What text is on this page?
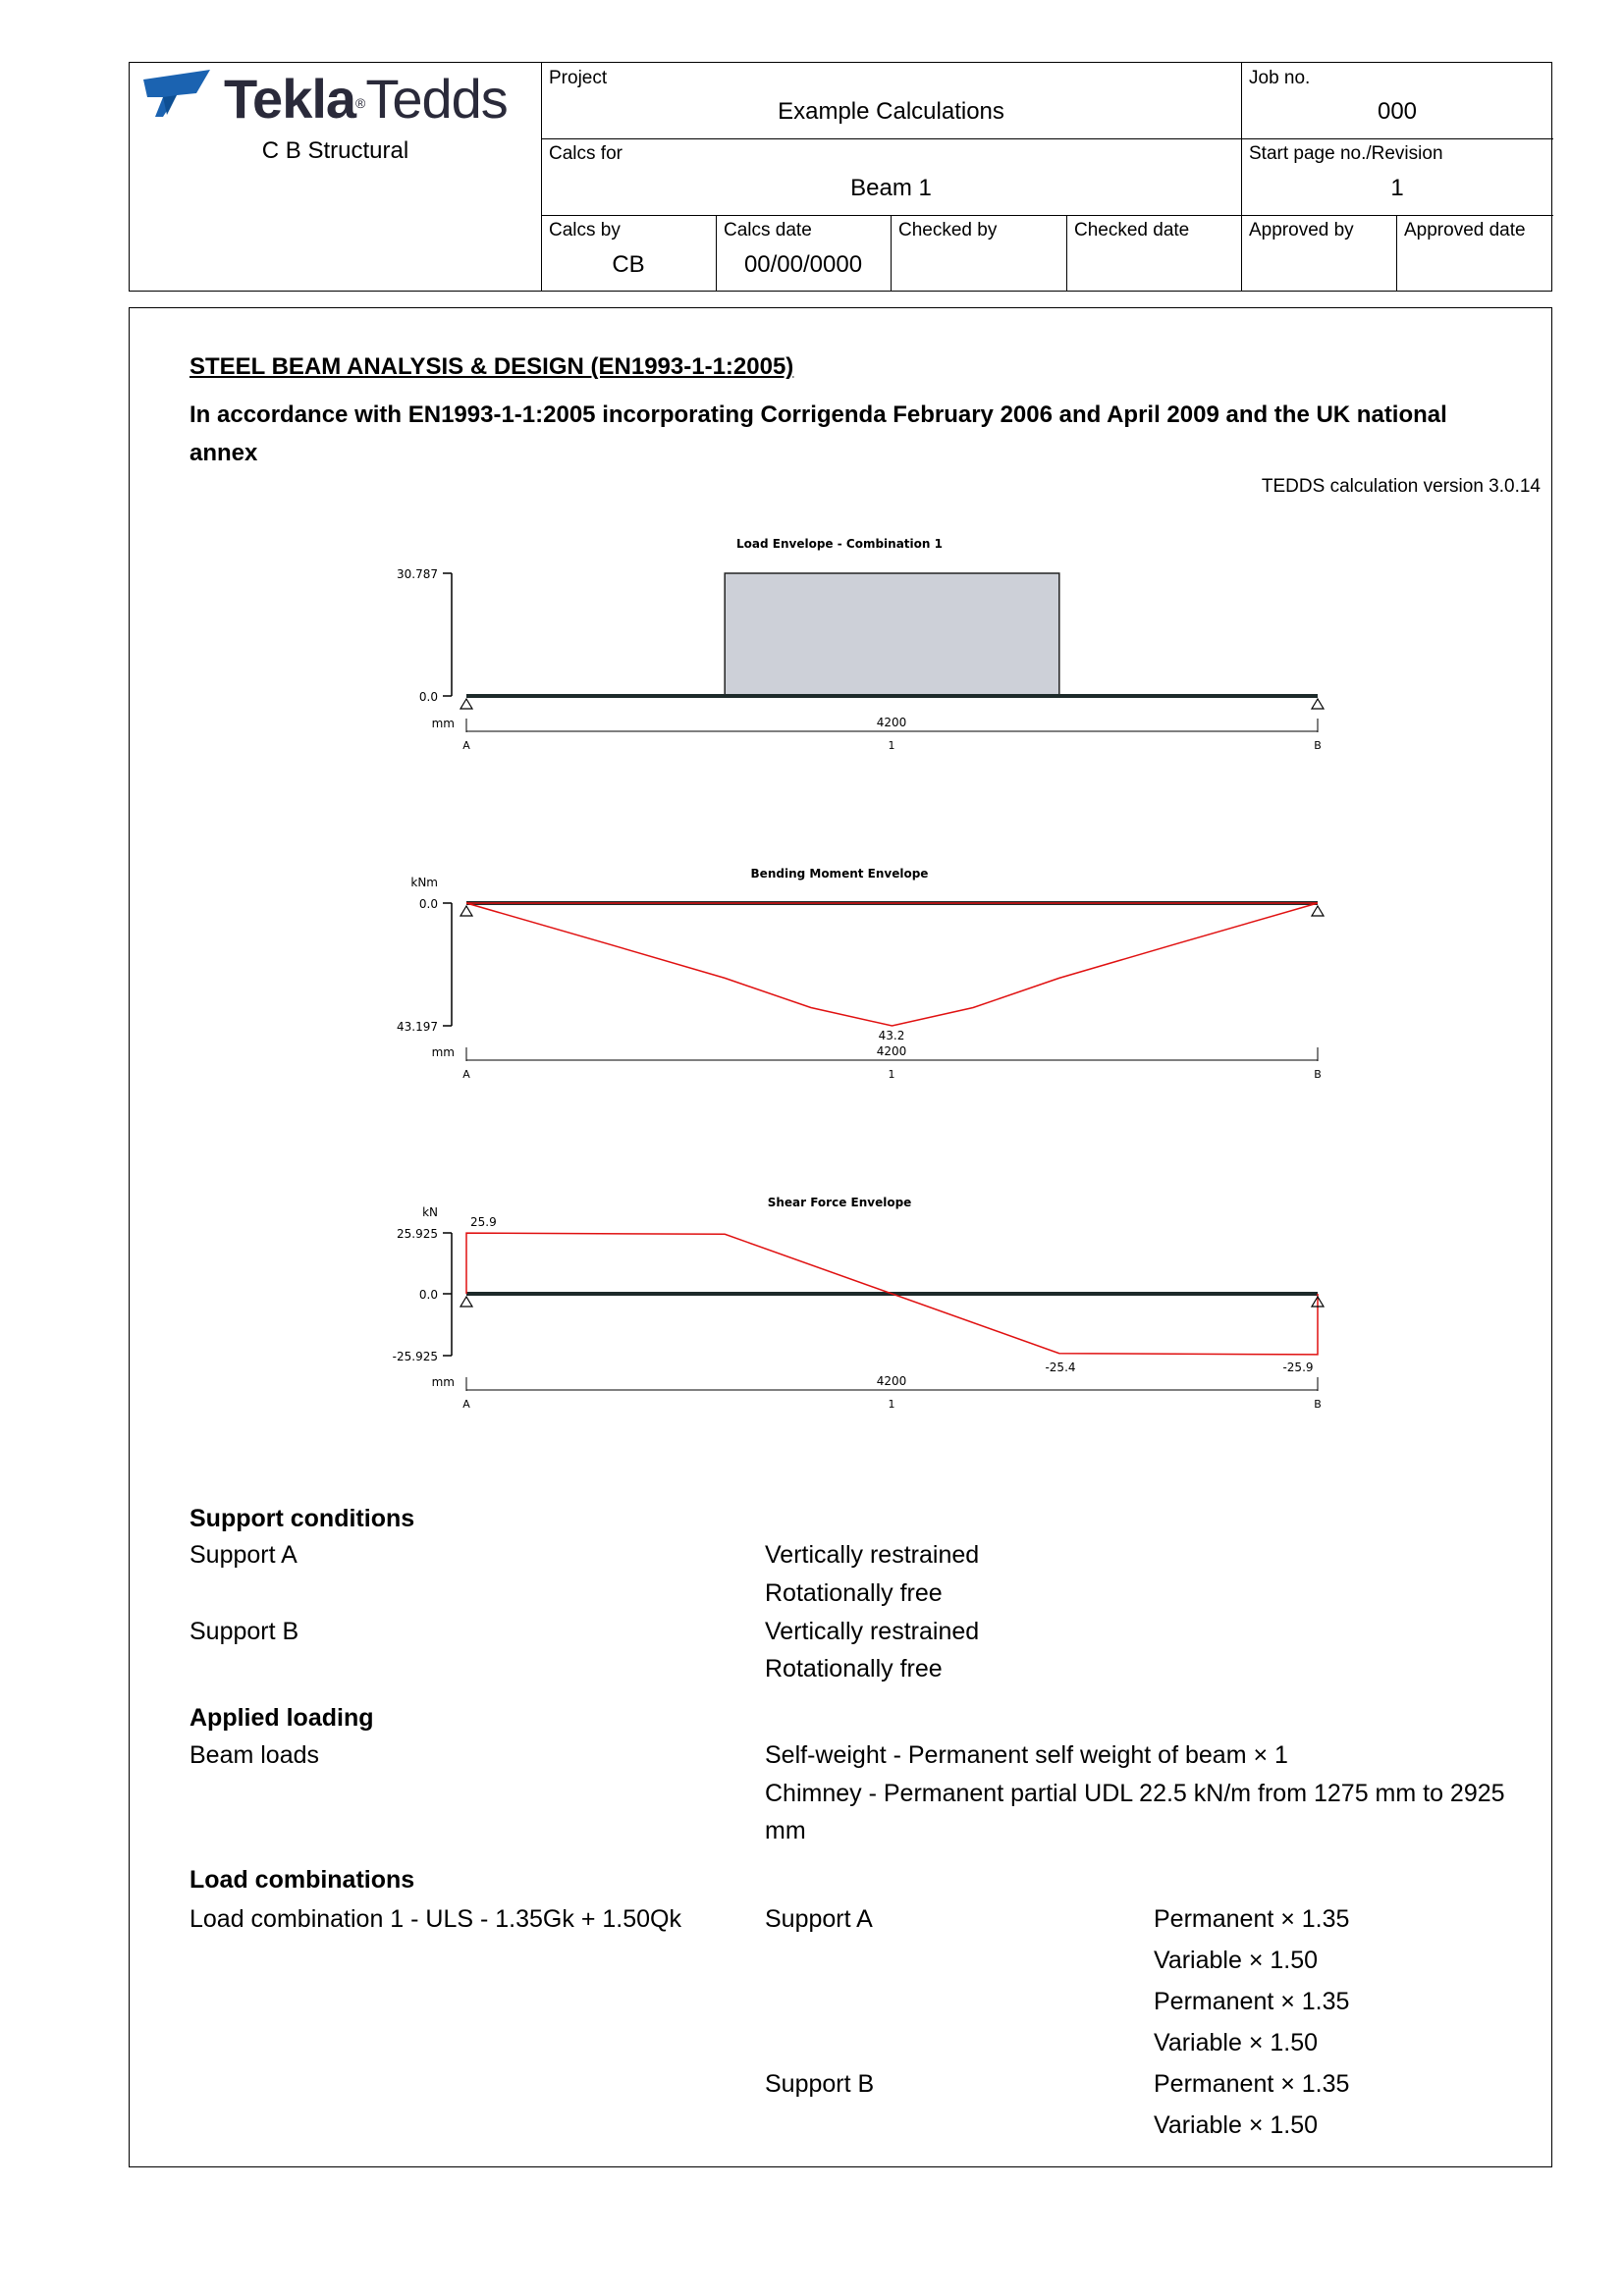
Tekla®Tedds
C B Structural
Project
Example Calculations
Job no.
000
Calcs for
Beam 1
Start page no./Revision
1
Calcs by
CB
Calcs date
00/00/0000
Checked by	Checked date	Approved by	Approved date
STEEL BEAM ANALYSIS & DESIGN (EN1993-1-1:2005)
In accordance with EN1993-1-1:2005 incorporating Corrigenda February 2006 and April 2009 and the UK national
annex
TEDDS calculation version 3.0.14
Load Envelope - Combination 1
30.787
0.0
mm	4200
A	1	B
Bending Moment Envelope
kNm
0.0
43.197
43.2
mm	4200
A	1	B
Shear Force Envelope
kN
25.925
0.0
-25.925
25.9
-25.4	-25.9
mm	4200
A	1	B
Support conditions
Support A	Vertically restrained
Rotationally free
Support B	Vertically restrained
Rotationally free
Applied loading
Beam loads	Self-weight - Permanent self weight of beam × 1
Chimney - Permanent partial UDL 22.5 kN/m from 1275 mm to 2925
mm
Load combinations
Load combination 1 - ULS - 1.35Gk + 1.50Qk	Support A	Permanent × 1.35
Variable × 1.50
Permanent × 1.35
Variable × 1.50
Support B	Permanent × 1.35
Variable × 1.50
